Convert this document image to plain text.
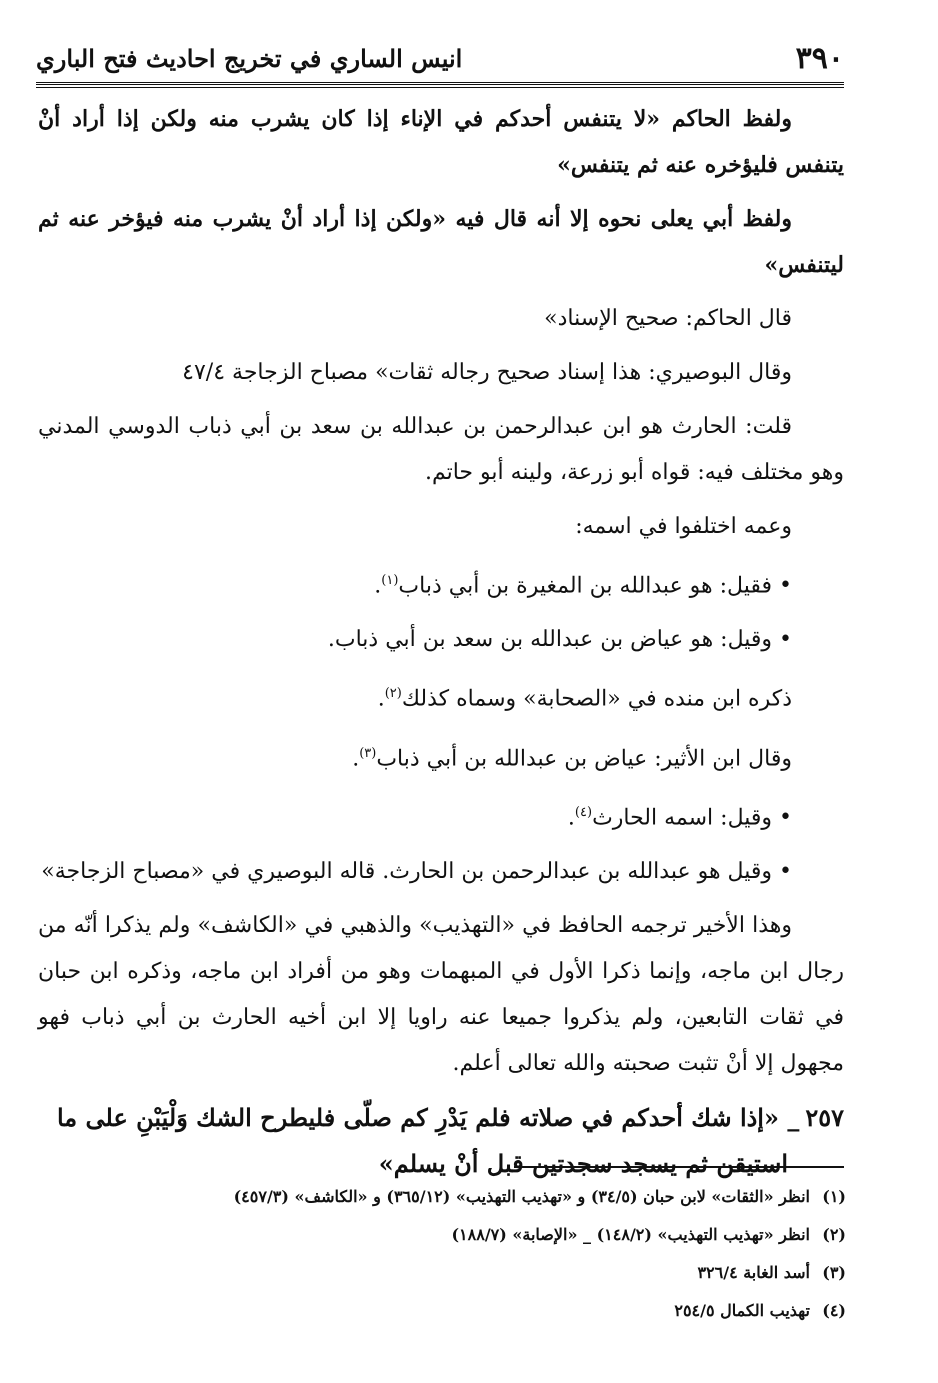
٣٩٠
انيس الساري في تخريج احاديث فتح الباري

ولفظ الحاكم «لا يتنفس أحدكم في الإناء إذا كان يشرب منه ولكن إذا أراد أنْ يتنفس فليؤخره عنه ثم يتنفس»

ولفظ أبي يعلى نحوه إلا أنه قال فيه «ولكن إذا أراد أنْ يشرب منه فيؤخر عنه ثم ليتنفس»

قال الحاكم: صحيح الإسناد»

وقال البوصيري: هذا إسناد صحيح رجاله ثقات» مصباح الزجاجة ٤٧/٤

قلت: الحارث هو ابن عبدالرحمن بن عبدالله بن سعد بن أبي ذباب الدوسي المدني وهو مختلف فيه: قواه أبو زرعة، ولينه أبو حاتم.

وعمه اختلفوا في اسمه:

• فقيل: هو عبدالله بن المغيرة بن أبي ذباب$^{(١)}$.

• وقيل: هو عياض بن عبدالله بن سعد بن أبي ذباب.

ذكره ابن منده في «الصحابة» وسماه كذلك$^{(٢)}$.

وقال ابن الأثير: عياض بن عبدالله بن أبي ذباب$^{(٣)}$.

• وقيل: اسمه الحارث$^{(٤)}$.

• وقيل هو عبدالله بن عبدالرحمن بن الحارث. قاله البوصيري في «مصباح الزجاجة»

وهذا الأخير ترجمه الحافظ في «التهذيب» والذهبي في «الكاشف» ولم يذكرا أنّه من رجال ابن ماجه، وإنما ذكرا الأول في المبهمات وهو من أفراد ابن ماجه، وذكره ابن حبان في ثقات التابعين، ولم يذكروا جميعا عنه راويا إلا ابن أخيه الحارث بن أبي ذباب فهو مجهول إلا أنْ تثبت صحبته والله تعالى أعلم.

٢٥٧_ «إذا شك أحدكم في صلاته فلم يَدْرِ كم صلّى فليطرح الشك وَلْيَبْنِ على ما
استيقن ثم يسجد سجدتين قبل أنْ يسلم»
(١)انظر «الثقات» لابن حبان (٣٤/٥) و «تهذيب التهذيب» (٣٦٥/١٢) و «الكاشف» (٤٥٧/٣)
(٢)انظر «تهذيب التهذيب» (١٤٨/٢) _ «الإصابة» (١٨٨/٧)
(٣)أسد الغابة ٣٢٦/٤
(٤)تهذيب الكمال ٢٥٤/٥
